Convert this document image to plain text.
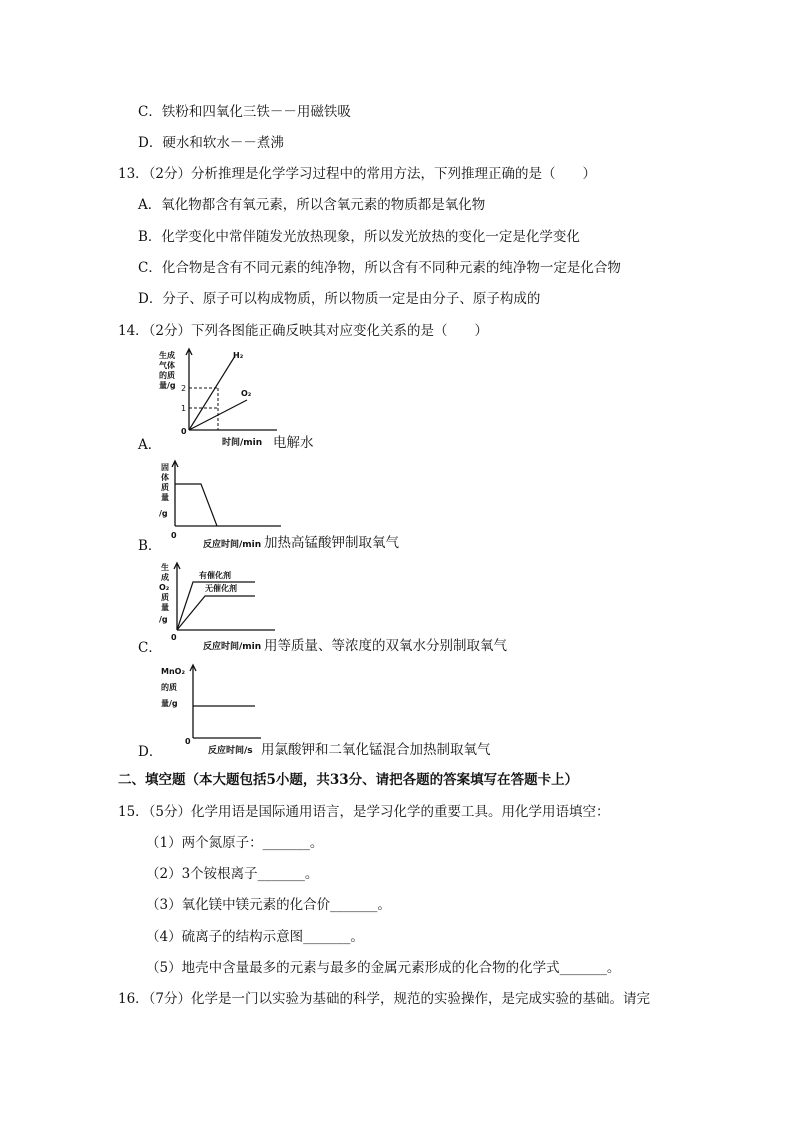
C．铁粉和四氧化三铁－－用磁铁吸
D．硬水和软水－－煮沸
13．（2分）分析推理是化学学习过程中的常用方法，下列推理正确的是（　　）
A．氧化物都含有氧元素，所以含氧元素的物质都是氧化物
B．化学变化中常伴随发光放热现象，所以发光放热的变化一定是化学变化
C．化合物是含有不同元素的纯净物，所以含有不同种元素的纯净物一定是化合物
D．分子、原子可以构成物质，所以物质一定是由分子、原子构成的
14．（2分）下列各图能正确反映其对应变化关系的是（　　）
生成
气体
的质
量/g
0
2
1
H₂
O₂
时间/min
A．	电解水
固
体
质
量
/g
0
反应时间/min
B．	加热高锰酸钾制取氧气
生
成
O₂
质
量
/g
有催化剂
无催化剂
0
反应时间/min
C．	用等质量、等浓度的双氧水分别制取氧气
MnO₂
的质
量/g
0
反应时间/s
D．	用氯酸钾和二氧化锰混合加热制取氧气
二、填空题（本大题包括5小题，共33分、请把各题的答案填写在答题卡上）
15．（5分）化学用语是国际通用语言，是学习化学的重要工具。用化学用语填空：
（1）两个氮原子：_______。
（2）3个铵根离子_______。
（3）氧化镁中镁元素的化合价_______。
（4）硫离子的结构示意图_______。
（5）地壳中含量最多的元素与最多的金属元素形成的化合物的化学式_______。
16．（7分）化学是一门以实验为基础的科学，规范的实验操作，是完成实验的基础。请完
